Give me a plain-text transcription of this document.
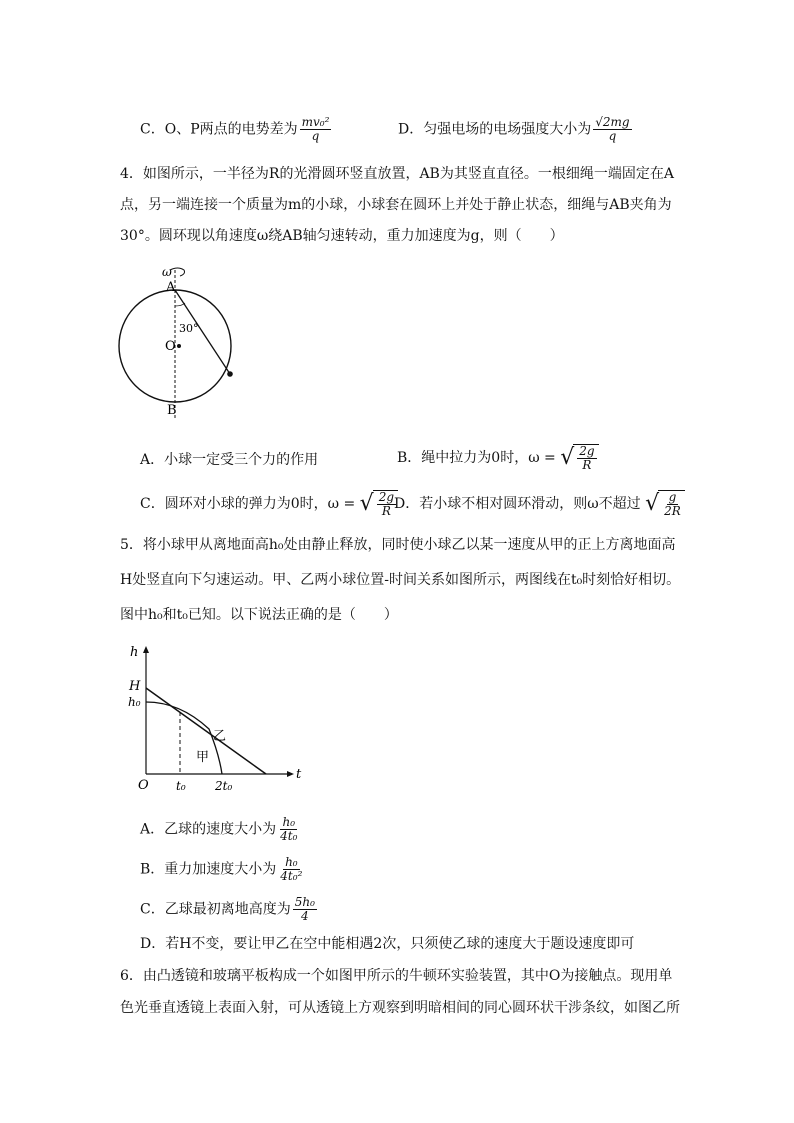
C．O、P两点的电势差为 $\frac{\text{mv₀²}}{q}$	D．匀强电场的电场强度大小为 $\frac{√2mg}{q}$
4．如图所示，一半径为R的光滑圆环竖直放置，AB为其竖直直径。一根细绳一端固定在A
点，另一端连接一个质量为m的小球，小球套在圆环上并处于静止状态，细绳与AB夹角为
30°。圆环现以角速度ω绕AB轴匀速转动，重力加速度为g，则（　　）
ω
A
30°
O
B
A．小球一定受三个力的作用	B．绳中拉力为0时，ω = √ $\frac{2g}{R}$
C．圆环对小球的弹力为0时，ω = √ $\frac{2g}{R}$
D．若小球不相对圆环滑动，则ω不超过 √ $\frac{g}{2R}$
5．将小球甲从离地面高h₀处由静止释放，同时使小球乙以某一速度从甲的正上方离地面高
H处竖直向下匀速运动。甲、乙两小球位置-时间关系如图所示，两图线在t₀时刻恰好相切。
图中h₀和t₀已知。以下说法正确的是（　　）
h
t
H
h₀
O t₀ 2t₀
甲
乙
A．乙球的速度大小为 $\frac{\text{h₀}}{\text{4t₀}}$
B．重力加速度大小为 $\frac{\text{h₀}}{\text{4t₀²}}$
C．乙球最初离地高度为 $\frac{\text{5h₀}}{4}$
D．若H不变，要让甲乙在空中能相遇2次，只须使乙球的速度大于题设速度即可
6．由凸透镜和玻璃平板构成一个如图甲所示的牛顿环实验装置，其中O为接触点。现用单
色光垂直透镜上表面入射，可从透镜上方观察到明暗相间的同心圆环状干涉条纹，如图乙所
